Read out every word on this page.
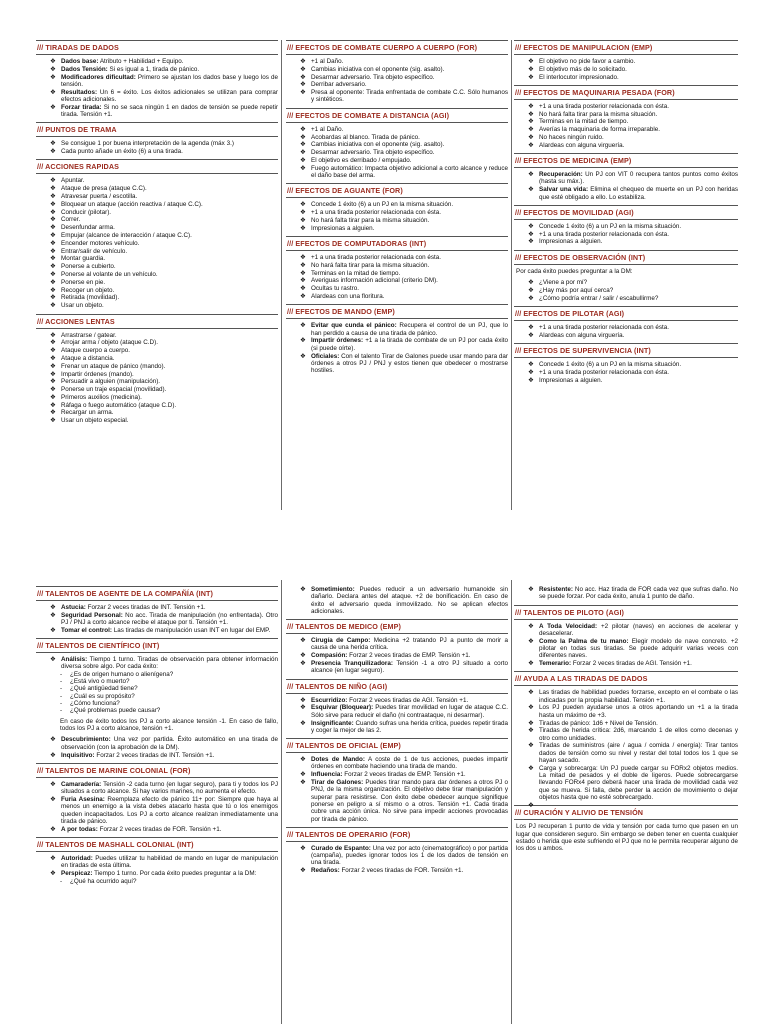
/// TIRADAS DE DADOS
❖ Dados base: Atributo + Habilidad + Equipo.
❖ Dados Tensión: Si es igual a 1, tirada de pánico.
❖ Modificadores dificultad: Primero se ajustan los dados base y luego los de tensión.
❖ Resultados: Un 6 = éxito. Los éxitos adicionales se utilizan para comprar efectos adicionales.
❖ Forzar tirada: Si no se saca ningún 1 en dados de tensión se puede repetir tirada. Tensión +1.
/// PUNTOS DE TRAMA
❖ Se consigue 1 por buena interpretación de la agenda (máx 3.)
❖ Cada punto añade un éxito (6) a una tirada.
/// ACCIONES RAPIDAS
❖ Apuntar.
❖ Ataque de presa (ataque C.C).
❖ Atravesar puerta / escotilla.
❖ Bloquear un ataque (acción reactiva / ataque C.C).
❖ Conducir (pilotar).
❖ Correr.
❖ Desenfundar arma.
❖ Empujar (alcance de interacción / ataque C.C).
❖ Encender motores vehículo.
❖ Entrar/salir de vehículo.
❖ Montar guardia.
❖ Ponerse a cubierto.
❖ Ponerse al volante de un vehículo.
❖ Ponerse en pie.
❖ Recoger un objeto.
❖ Retirada (movilidad).
❖ Usar un objeto.
/// ACCIONES LENTAS
❖ Arrastrarse / gatear.
❖ Arrojar arma / objeto (ataque C.D).
❖ Ataque cuerpo a cuerpo.
❖ Ataque a distancia.
❖ Frenar un ataque de pánico (mando).
❖ Impartir órdenes (mando).
❖ Persuadir a alguien (manipulación).
❖ Ponerse un traje espacial (movilidad).
❖ Primeros auxilios (medicina).
❖ Ráfaga o fuego automático (ataque C.D).
❖ Recargar un arma.
❖ Usar un objeto especial.
/// EFECTOS DE COMBATE CUERPO A CUERPO (FOR)
❖ +1 al Daño.
❖ Cambias iniciativa con el oponente (sig. asalto).
❖ Desarmar adversario. Tira objeto específico.
❖ Derribar adversario.
❖ Presa al oponente: Tirada enfrentada de combate C.C. Sólo humanos y sintéticos.
/// EFECTOS DE COMBATE A DISTANCIA (AGI)
❖ +1 al Daño.
❖ Acobardas al blanco. Tirada de pánico.
❖ Cambias iniciativa con el oponente (sig. asalto).
❖ Desarmar adversario. Tira objeto específico.
❖ El objetivo es derribado / empujado.
❖ Fuego automático: Impacta objetivo adicional a corto alcance y reduce el daño base del arma.
/// EFECTOS DE AGUANTE (FOR)
❖ Concede 1 éxito (6) a un PJ en la misma situación.
❖ +1 a una tirada posterior relacionada con ésta.
❖ No hará falta tirar para la misma situación.
❖ Impresionas a alguien.
/// EFECTOS DE COMPUTADORAS (INT)
❖ +1 a una tirada posterior relacionada con ésta.
❖ No hará falta tirar para la misma situación.
❖ Terminas en la mitad de tiempo.
❖ Averiguas información adicional (criterio DM).
❖ Ocultas tu rastro.
❖ Alardeas con una floritura.
/// EFECTOS DE MANDO (EMP)
❖ Evitar que cunda el pánico: Recupera el control de un PJ, que lo han perdido a causa de una tirada de pánico.
❖ Impartir órdenes: +1 a la tirada de combate de un PJ por cada éxito (si puede oírte).
❖ Oficiales: Con el talento Tirar de Galones puede usar mando para dar órdenes a otros PJ / PNJ y estos tienen que obedecer o mostrarse hostiles.
/// EFECTOS DE MANIPULACION (EMP)
❖ El objetivo no pide favor a cambio.
❖ El objetivo más de lo solicitado.
❖ El interlocutor impresionado.
/// EFECTOS DE MAQUINARIA PESADA (FOR)
❖ +1 a una tirada posterior relacionada con ésta.
❖ No hará falta tirar para la misma situación.
❖ Terminas en la mitad de tiempo.
❖ Averías la maquinaria de forma irreparable.
❖ No haces ningún ruido.
❖ Alardeas con alguna virguería.
/// EFECTOS DE MEDICINA (EMP)
❖ Recuperación: Un PJ con VIT 0 recupera tantos puntos como éxitos (hasta su máx.).
❖ Salvar una vida: Elimina el chequeo de muerte en un PJ con heridas que esté obligado a ello. Lo estabiliza.
/// EFECTOS DE MOVILIDAD (AGI)
❖ Concede 1 éxito (6) a un PJ en la misma situación.
❖ +1 a una tirada posterior relacionada con ésta.
❖ Impresionas a alguien.
/// EFECTOS DE OBSERVACIÓN (INT)
Por cada éxito puedes preguntar a la DM:
❖ ¿Viene a por mí?
❖ ¿Hay más por aquí cerca?
❖ ¿Cómo podría entrar / salir / escabullirme?
/// EFECTOS DE PILOTAR (AGI)
❖ +1 a una tirada posterior relacionada con ésta.
❖ Alardeas con alguna virguería.
/// EFECTOS DE SUPERVIVENCIA (INT)
❖ Concede 1 éxito (6) a un PJ en la misma situación.
❖ +1 a una tirada posterior relacionada con ésta.
❖ Impresionas a alguien.
/// TALENTOS DE AGENTE DE LA COMPAÑÍA (INT)
❖ Astucia: Forzar 2 veces tiradas de INT. Tensión +1.
❖ Seguridad Personal: No acc. Tirada de manipulación (no enfrentada). Otro PJ / PNJ a corto alcance recibe el ataque por ti. Tensión +1.
❖ Tomar el control: Las tiradas de manipulación usan INT en lugar del EMP.
/// TALENTOS DE CIENTÍFICO (INT)
❖ Análisis: Tiempo 1 turno. Tiradas de observación para obtener información diversa sobre algo. Por cada éxito:
- ¿Es de origen humano o alienígena?
- ¿Está vivo o muerto?
- ¿Qué antigüedad tiene?
- ¿Cuál es su propósito?
- ¿Cómo funciona?
- ¿Qué problemas puede causar?
En caso de éxito todos los PJ a corto alcance tensión -1. En caso de fallo, todos los PJ a corto alcance, tensión +1.
❖ Descubrimiento: Una vez por partida. Éxito automático en una tirada de observación (con la aprobación de la DM).
❖ Inquisitivo: Forzar 2 veces tiradas de INT. Tensión +1.
/// TALENTOS DE MARINE COLONIAL (FOR)
❖ Camaradería: Tensión -2 cada turno (en lugar seguro), para ti y todos los PJ situados a corto alcance. Si hay varios marines, no aumenta el efecto.
❖ Furia Asesina: Reemplaza efecto de pánico 11+ por: Siempre que haya al menos un enemigo a la vista debes atacarlo hasta que tú o los enemigos queden incapacitados. Los PJ a corto alcance realizan inmediatamente una tirada de pánico.
❖ A por todas: Forzar 2 veces tiradas de FOR. Tensión +1.
/// TALENTOS DE MASHALL COLONIAL (INT)
❖ Autoridad: Puedes utilizar tu habilidad de mando en lugar de manipulación en tiradas de esta última.
❖ Perspicaz: Tiempo 1 turno. Por cada éxito puedes preguntar a la DM:
- ¿Qué ha ocurrido aquí?
❖ Sometimiento: Puedes reducir a un adversario humanoide sin dañarlo. Declara antes del ataque. +2 de bonificación. En caso de éxito el adversario queda inmovilizado. No se aplican efectos adicionales.
/// TALENTOS DE MEDICO (EMP)
❖ Cirugía de Campo: Medicina +2 tratando PJ a punto de morir a causa de una herida crítica.
❖ Compasión: Forzar 2 veces tiradas de EMP. Tensión +1.
❖ Presencia Tranquilizadora: Tensión -1 a otro PJ situado a corto alcance (en lugar seguro).
/// TALENTOS DE NIÑO (AGI)
❖ Escurridizo: Forzar 2 veces tiradas de AGI. Tensión +1.
❖ Esquivar (Bloquear): Puedes tirar movilidad en lugar de ataque C.C. Sólo sirve para reducir el daño (ni contraataque, ni desarmar).
❖ Insignificante: Cuando sufras una herida crítica, puedes repetir tirada y coger la mejor de las 2.
/// TALENTOS DE OFICIAL (EMP)
❖ Dotes de Mando: A coste de 1 de tus acciones, puedes impartir órdenes en combate haciendo una tirada de mando.
❖ Influencia: Forzar 2 veces tiradas de EMP. Tensión +1.
❖ Tirar de Galones: Puedes tirar mando para dar órdenes a otros PJ o PNJ, de la misma organización. El objetivo debe tirar manipulación y superar para resistirse. Con éxito debe obedecer aunque signifique ponerse en peligro a sí mismo o a otros. Tensión +1. Cada tirada cubre una acción única. No sirve para impedir acciones provocadas por tirada de pánico.
/// TALENTOS DE OPERARIO (FOR)
❖ Curado de Espanto: Una vez por acto (cinematográfico) o por partida (campaña), puedes ignorar todos los 1 de los dados de tensión en una tirada.
❖ Redaños: Forzar 2 veces tiradas de FOR. Tensión +1.
❖ Resistente: No acc. Haz tirada de FOR cada vez que sufras daño. No se puede forzar. Por cada éxito, anula 1 punto de daño.
/// TALENTOS DE PILOTO (AGI)
❖ A Toda Velocidad: +2 pilotar (naves) en acciones de acelerar y desacelerar.
❖ Como la Palma de tu mano: Elegir modelo de nave concreto. +2 pilotar en todas sus tiradas. Se puede adquirir varias veces con diferentes naves.
❖ Temerario: Forzar 2 veces tiradas de AGI. Tensión +1.
/// AYUDA A LAS TIRADAS DE DADOS
❖ Las tiradas de habilidad puedes forzarse, excepto en el combate o las indicadas por la propia habilidad. Tensión +1.
❖ Los PJ pueden ayudarse unos a otros aportando un +1 a la tirada hasta un máximo de +3.
❖ Tiradas de pánico: 1d6 + Nivel de Tensión.
❖ Tiradas de herida crítica: 2d6, marcando 1 de ellos como decenas y otro como unidades.
❖ Tiradas de suministros (aire / agua / comida / energía): Tirar tantos dados de tensión como su nivel y restar del total todos los 1 que se hayan sacado.
❖ Carga y sobrecarga: Un PJ puede cargar su FORx2 objetos medios. La mitad de pesados y el doble de ligeros. Puede sobrecargarse llevando FORx4 pero deberá hacer una tirada de movilidad cada vez que se mueva. Si falla, debe perder la acción de movimiento o dejar objetos hasta que no esté sobrecargado.
/// CURACIÓN Y ALIVIO DE TENSIÓN
Los PJ recuperan 1 punto de vida y tensión por cada turno que pasen en un lugar que consideren seguro. Sin embargo se deben tener en cuenta cualquier estado o herida que este sufriendo el PJ que no le permita recuperar alguno de los dos u ambos.
